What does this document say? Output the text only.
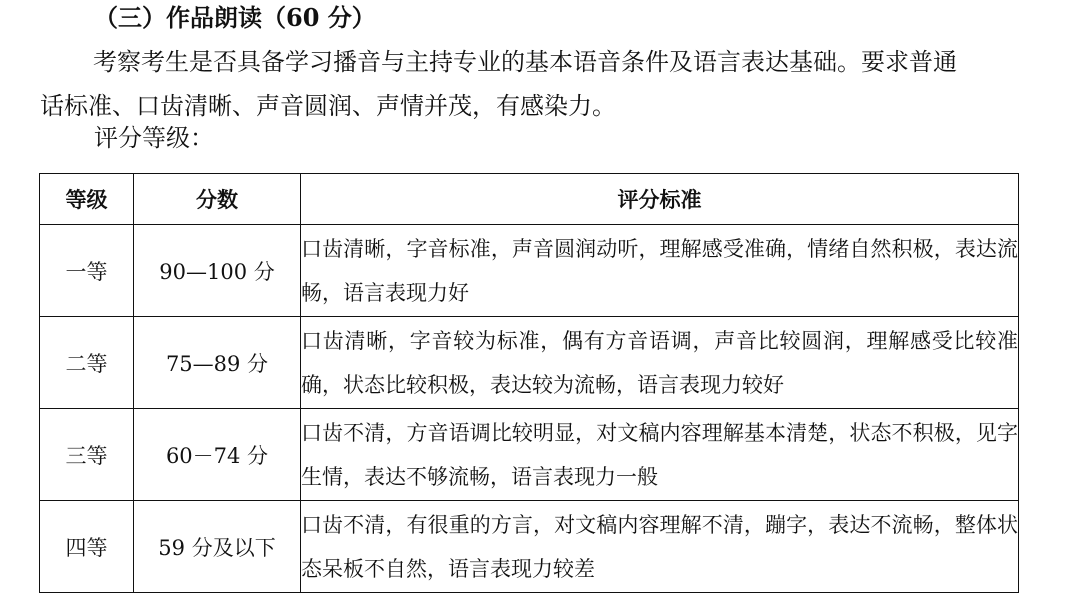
（三）作品朗读（60 分）
考察考生是否具备学习播音与主持专业的基本语音条件及语言表达基础。要求普通话标准、口齿清晰、声音圆润、声情并茂，有感染力。
评分等级：
等级	分数	评分标准
一等	90—100 分	口齿清晰，字音标准，声音圆润动听，理解感受准确，情绪自然积极，表达流畅，语言表现力好
二等	75—89 分	口齿清晰，字音较为标准，偶有方音语调，声音比较圆润，理解感受比较准确，状态比较积极，表达较为流畅，语言表现力较好
三等	60－74 分	口齿不清，方音语调比较明显，对文稿内容理解基本清楚，状态不积极，见字生情，表达不够流畅，语言表现力一般
四等	59 分及以下	口齿不清，有很重的方言，对文稿内容理解不清，蹦字，表达不流畅，整体状态呆板不自然，语言表现力较差
